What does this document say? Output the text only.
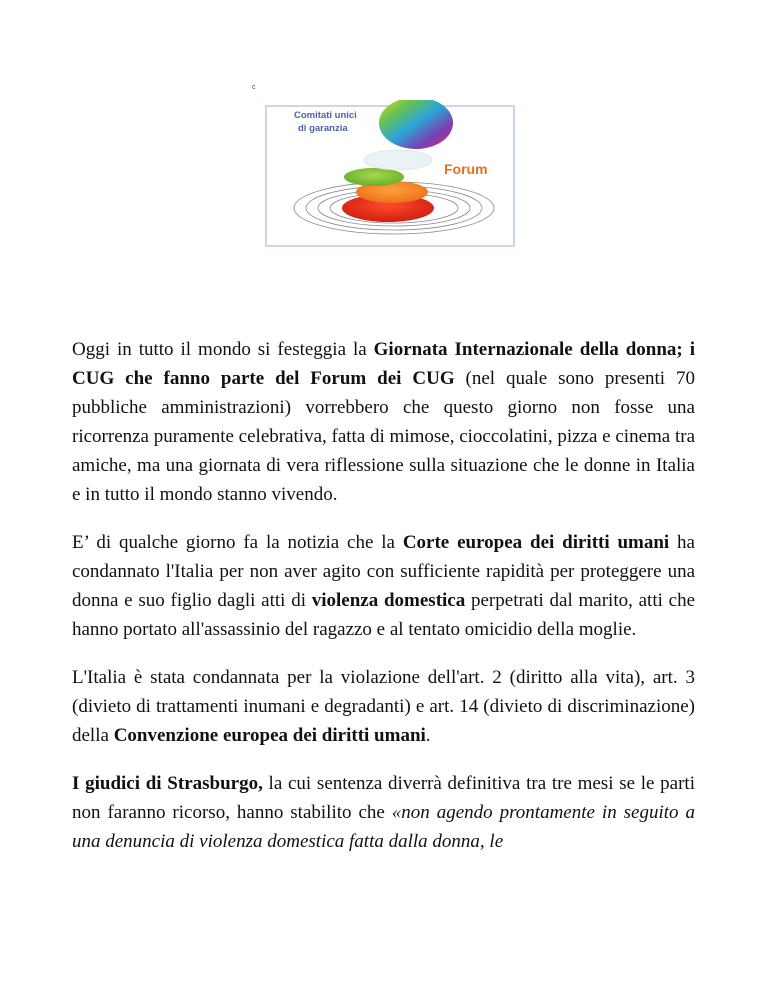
c
Comitati unici
di garanzia
Forum

Oggi in tutto il mondo si festeggia la Giornata Internazionale della donna; i CUG che fanno parte del Forum dei CUG (nel quale sono presenti 70 pubbliche amministrazioni) vorrebbero che questo giorno non fosse una ricorrenza puramente celebrativa, fatta di mimose, cioccolatini, pizza e cinema tra amiche, ma una giornata di vera riflessione sulla situazione che le donne in Italia e in tutto il mondo stanno vivendo.

E’ di qualche giorno fa la notizia che la Corte europea dei diritti umani ha condannato l'Italia per non aver agito con sufficiente rapidità per proteggere una donna e suo figlio dagli atti di violenza domestica perpetrati dal marito, atti che hanno portato all'assassinio del ragazzo e al tentato omicidio della moglie.

L'Italia è stata condannata per la violazione dell'art. 2 (diritto alla vita), art. 3 (divieto di trattamenti inumani e degradanti) e art. 14 (divieto di discriminazione) della Convenzione europea dei diritti umani.

I giudici di Strasburgo, la cui sentenza diverrà definitiva tra tre mesi se le parti non faranno ricorso, hanno stabilito che «non agendo prontamente in seguito a una denuncia di violenza domestica fatta dalla donna, le
